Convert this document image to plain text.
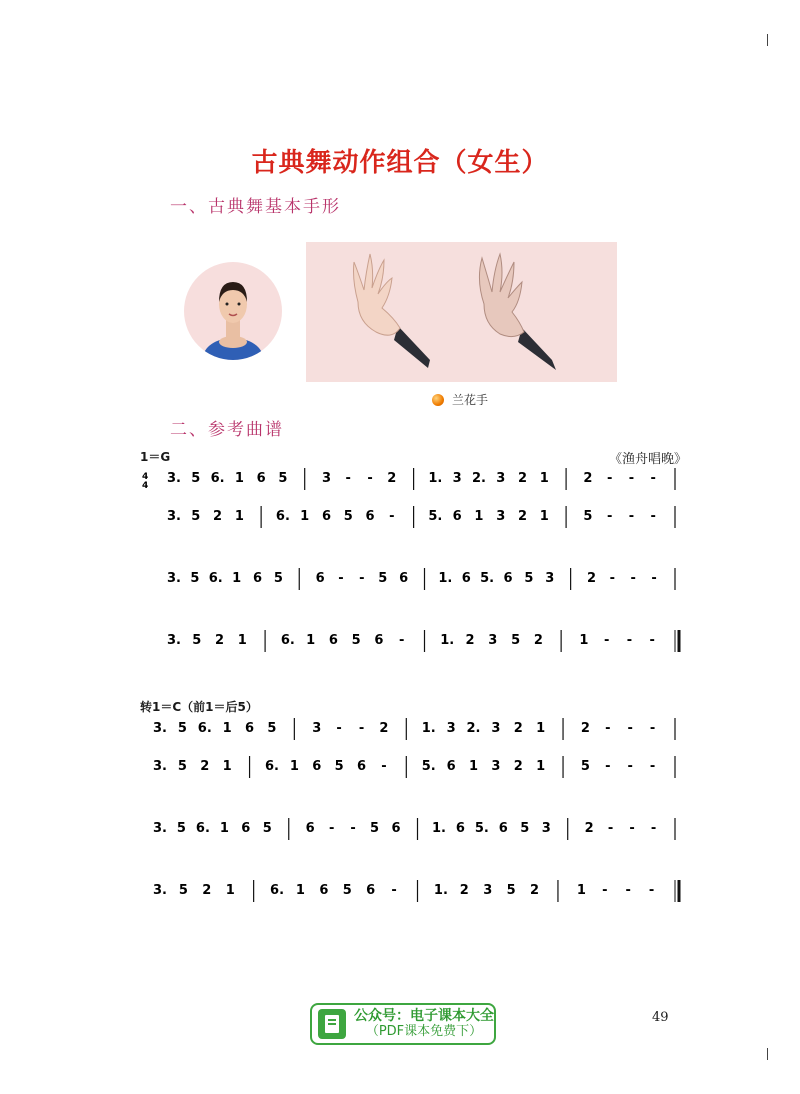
古典舞动作组合（女生）
一、古典舞基本手形
兰花手
二、参考曲谱
1＝G	《渔舟唱晚》
4
4 3. 5 6. 1 6 5	3 - - 2 1. 3 2. 3 2 1	2 - - -
3. 5 2 1 6. 1 6 5 6 -	5. 6 1 3 2 1	5 - - -
3. 5 6. 1 6 5	6 - - 5 6 1. 6 5. 6 5 3	2 - - -
3. 5 2 1	6. 1 6 5 6 -	1. 2 3 5 2	1 - - -
转1＝C（前1＝后5）
3. 5 6. 1 6 5	3 - - 2	1. 3 2. 3 2 1	2 - - -
3. 5 2 1	6. 1 6 5 6 -	5. 6 1 3 2 1	5 - - -
3. 5 6. 1 6 5	6 - - 5 6 1. 6 5. 6 5 3	2 - - -
3. 5 2 1	6. 1 6 5 6 -	1. 2 3 5 2	1 - - -
49
公众号：电子课本大全
（PDF课本免费下）
